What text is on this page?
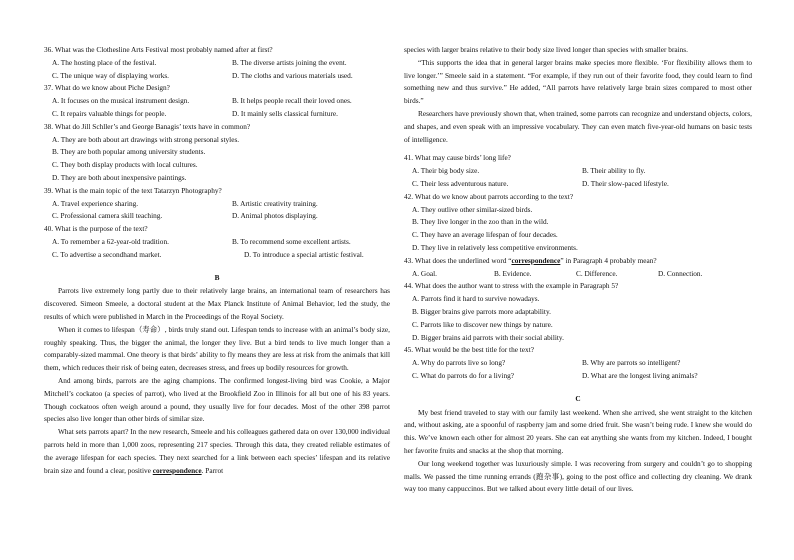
36. What was the Clothesline Arts Festival most probably named after at first?
A. The hosting place of the festival.	B. The diverse artists joining the event.
C. The unique way of displaying works.	D. The cloths and various materials used.
37. What do we know about Piche Design?
A. It focuses on the musical instrument design.	B. It helps people recall their loved ones.
C. It repairs valuable things for people.	D. It mainly sells classical furniture.
38. What do Jill Schller’s and George Banagis’ texts have in common?
A. They are both about art drawings with strong personal styles.
B. They are both popular among university students.
C. They both display products with local cultures.
D. They are both about inexpensive paintings.
39. What is the main topic of the text Tatarzyn Photography?
A. Travel experience sharing.	B. Artistic creativity training.
C. Professional camera skill teaching.	D. Animal photos displaying.
40. What is the purpose of the text?
A. To remember a 62-year-old tradition.	B. To recommend some excellent artists.
C. To advertise a secondhand market.	D. To introduce a special artistic festival.
B

Parrots live extremely long partly due to their relatively large brains, an international team of researchers has discovered. Simeon Smeele, a doctoral student at the Max Planck Institute of Animal Behavior, led the study, the results of which were published in March in the Proceedings of the Royal Society.

When it comes to lifespan（寿命）, birds truly stand out. Lifespan tends to increase with an animal’s body size, roughly speaking. Thus, the bigger the animal, the longer they live. But a bird tends to live much longer than a comparably-sized mammal. One theory is that birds’ ability to fly means they are less at risk from the animals that kill them, which reduces their risk of being eaten, decreases stress, and frees up bodily resources for growth.

And among birds, parrots are the aging champions. The confirmed longest-living bird was Cookie, a Major Mitchell’s cockatoo (a species of parrot), who lived at the Brookfield Zoo in Illinois for all but one of his 83 years. Though cockatoos often weigh around a pound, they usually live for four decades. Most of the other 398 parrot species also live longer than other birds of similar size.

What sets parrots apart? In the new research, Smeele and his colleagues gathered data on over 130,000 individual parrots held in more than 1,000 zoos, representing 217 species. Through this data, they created reliable estimates of the average lifespan for each species. They next searched for a link between each species’ lifespan and its relative brain size and found a clear, positive correspondence. Parrot

species with larger brains relative to their body size lived longer than species with smaller brains.

“This supports the idea that in general larger brains make species more flexible. ‘For flexibility allows them to live longer.’” Smeele said in a statement. “For example, if they run out of their favorite food, they could learn to find something new and thus survive.” He added, “All parrots have relatively large brain sizes compared to most other birds.”

Researchers have previously shown that, when trained, some parrots can recognize and understand objects, colors, and shapes, and even speak with an impressive vocabulary. They can even match five-year-old humans on basic tests of intelligence.

41. What may cause birds’ long life?
A. Their big body size.	B. Their ability to fly.
C. Their less adventurous nature.	D. Their slow-paced lifestyle.
42. What do we know about parrots according to the text?
A. They outlive other similar-sized birds.
B. They live longer in the zoo than in the wild.
C. They have an average lifespan of four decades.
D. They live in relatively less competitive environments.
43. What does the underlined word “correspondence” in Paragraph 4 probably mean?
A. Goal.	B. Evidence.	C. Difference.	D. Connection.
44. What does the author want to stress with the example in Paragraph 5?
A. Parrots find it hard to survive nowadays.
B. Bigger brains give parrots more adaptability.
C. Parrots like to discover new things by nature.
D. Bigger brains aid parrots with their social ability.
45. What would be the best title for the text?
A. Why do parrots live so long?	B. Why are parrots so intelligent?
C. What do parrots do for a living?	D. What are the longest living animals?
C

My best friend traveled to stay with our family last weekend. When she arrived, she went straight to the kitchen and, without asking, ate a spoonful of raspberry jam and some dried fruit. She wasn’t being rude. I knew she would do this. We’ve known each other for almost 20 years. She can eat anything she wants from my kitchen. Indeed, I bought her favorite fruits and snacks at the shop that morning.

Our long weekend together was luxuriously simple. I was recovering from surgery and couldn’t go to shopping malls. We passed the time running errands (跑杂事), going to the post office and collecting dry cleaning. We drank way too many cappuccinos. But we talked about every little detail of our lives.
